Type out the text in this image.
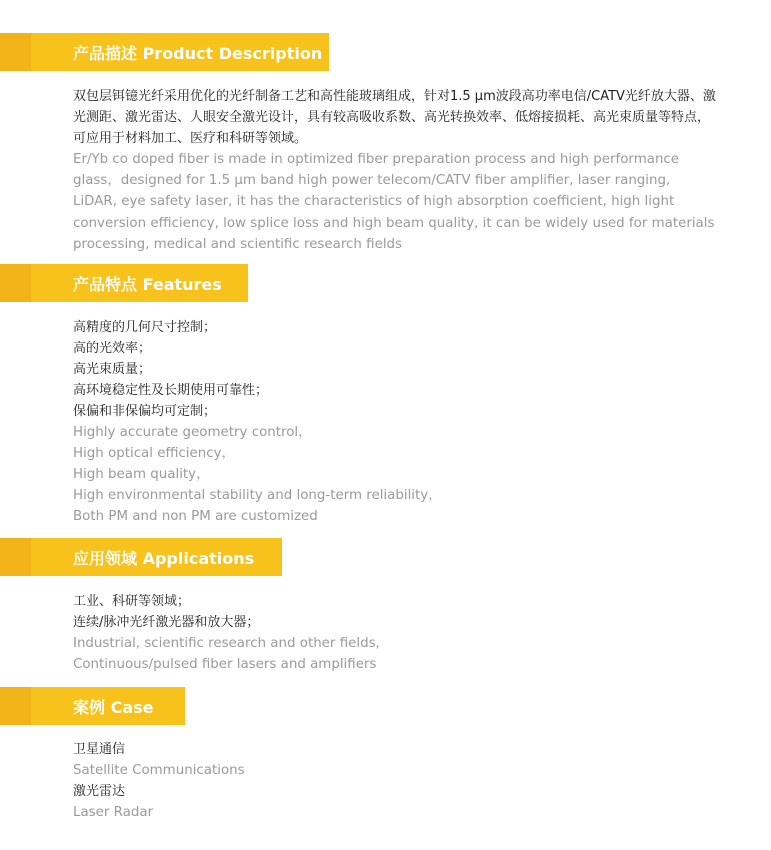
产品描述 Product Description

双包层铒镱光纤采用优化的光纤制备工艺和高性能玻璃组成，针对1.5 μm波段高功率电信/CATV光纤放大器、激光测距、激光雷达、人眼安全激光设计，具有较高吸收系数、高光转换效率、低熔接损耗、高光束质量等特点，可应用于材料加工、医疗和科研等领域。

Er/Yb co doped fiber is made in optimized fiber preparation process and high performance glass，designed for 1.5 μm band high power telecom/CATV fiber amplifier, laser ranging, LiDAR, eye safety laser, it has the characteristics of high absorption coefficient, high light conversion efficiency, low splice loss and high beam quality, it can be widely used for materials processing, medical and scientific research fields

产品特点 Features
高精度的几何尺寸控制；
高的光效率；
高光束质量；
高环境稳定性及长期使用可靠性；
保偏和非保偏均可定制；
Highly accurate geometry control，
High optical efficiency，
High beam quality，
High environmental stability and long-term reliability，
Both PM and non PM are customized
应用领域 Applications
工业、科研等领域；
连续/脉冲光纤激光器和放大器；
Industrial, scientific research and other fields,
Continuous/pulsed fiber lasers and amplifiers
案例 Case
卫星通信
Satellite Communications
激光雷达
Laser Radar
